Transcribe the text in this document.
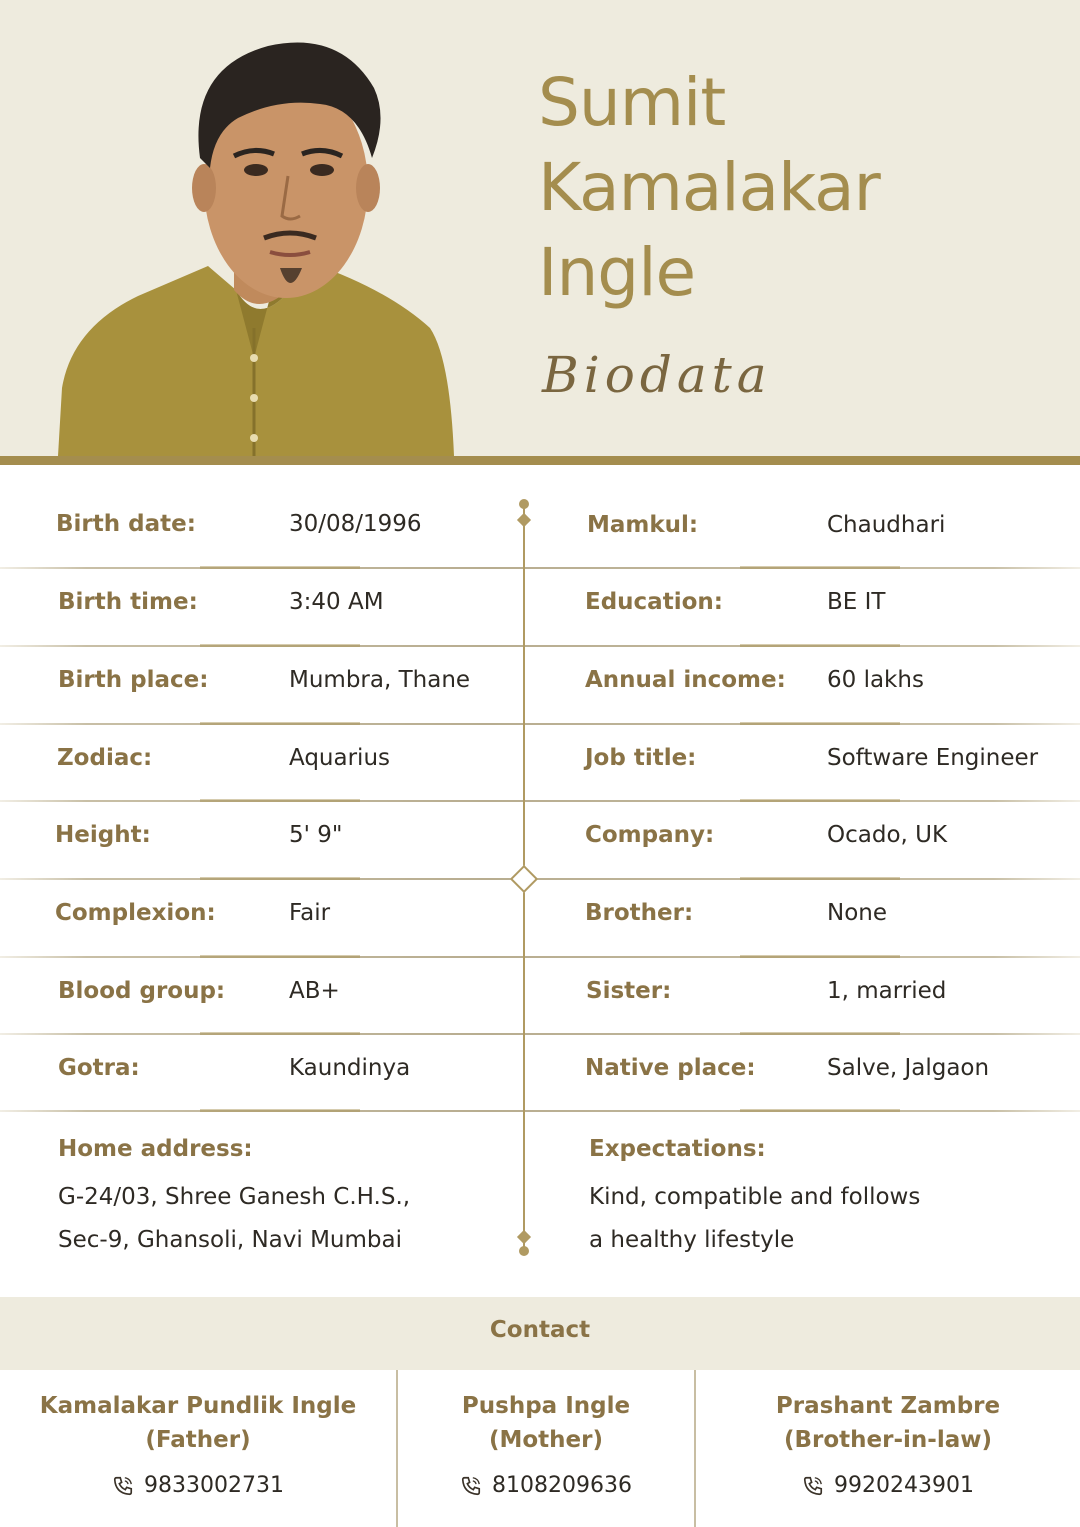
Sumit
Kamalakar
Ingle
Biodata
Birth date:	30/08/1996
Birth time:	3:40 AM
Birth place:	Mumbra, Thane
Zodiac:	Aquarius
Height:	5' 9"
Complexion:	Fair
Blood group:	AB+
Gotra:	Kaundinya
Mamkul:	Chaudhari
Education:	BE IT
Annual income: 60 lakhs
Job title:	Software Engineer
Company:	Ocado, UK
Brother:	None
Sister:	1, married
Native place:	Salve, Jalgaon
Home address:
G-24/03, Shree Ganesh C.H.S.,
Sec-9, Ghansoli, Navi Mumbai
Expectations:
Kind, compatible and follows
a healthy lifestyle
Contact
Kamalakar Pundlik Ingle
(Father)
9833002731
Pushpa Ingle
(Mother)
8108209636
Prashant Zambre
(Brother-in-law)
9920243901
